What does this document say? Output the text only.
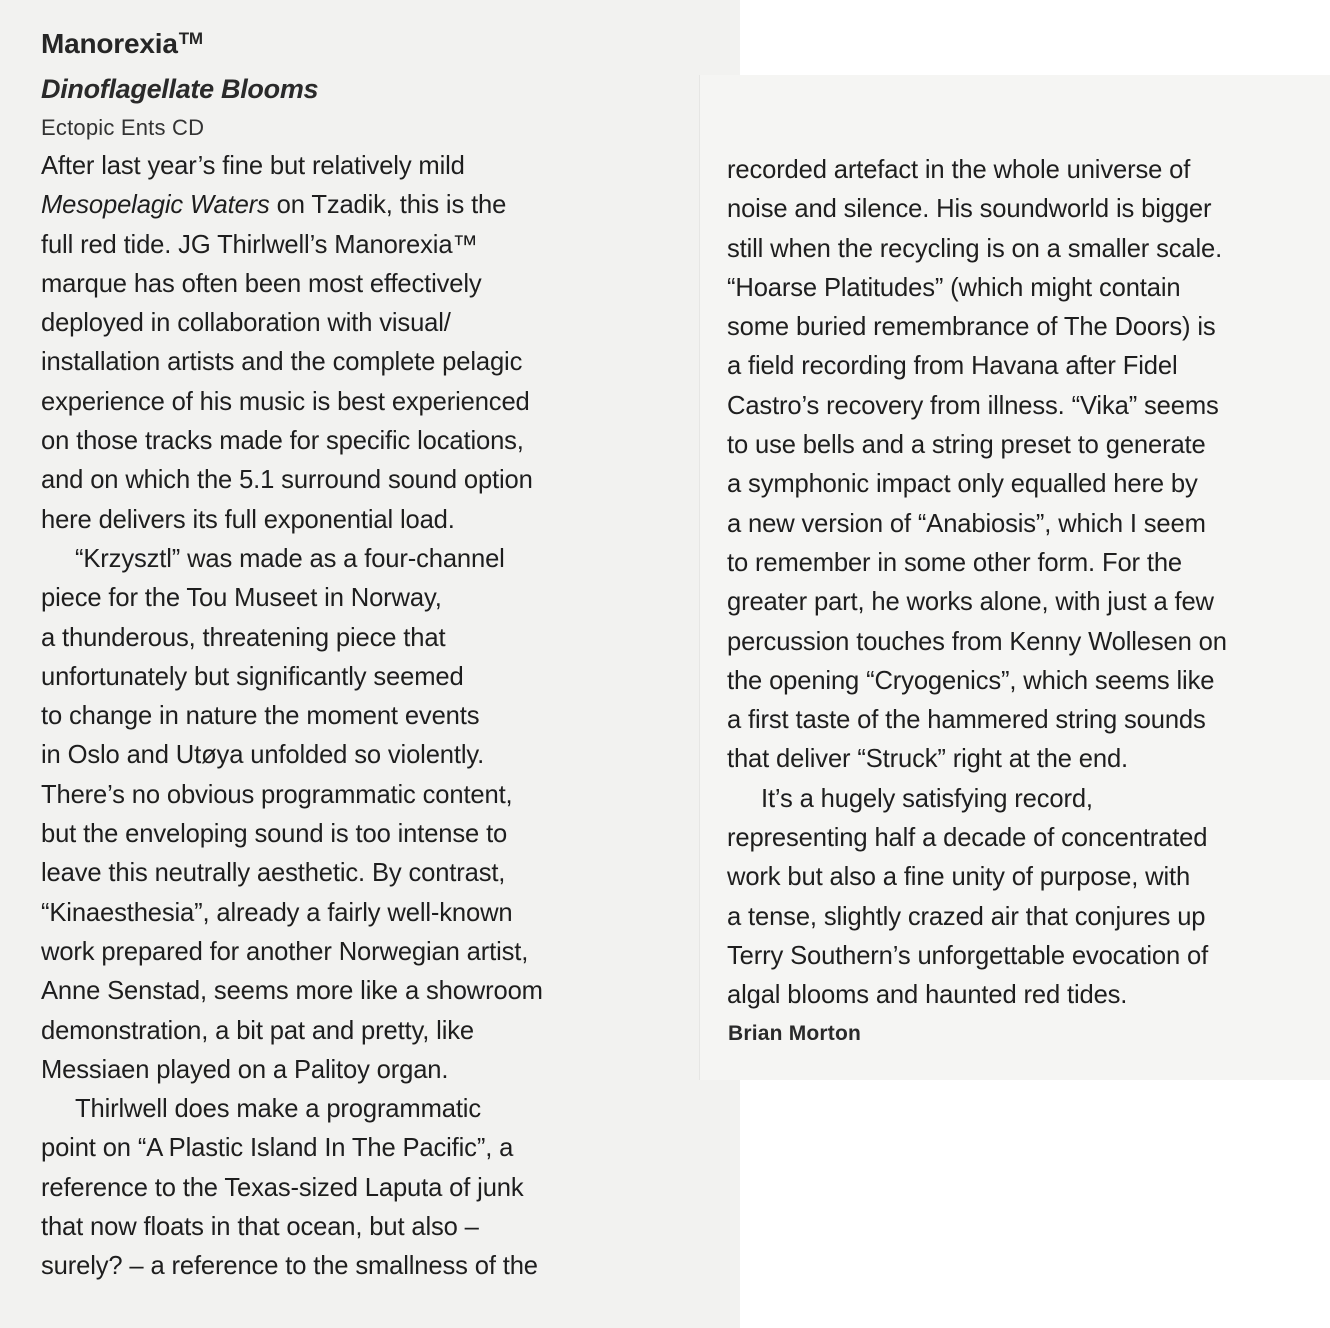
Manorexia™
Dinoflagellate Blooms
Ectopic Ents CD
After last year’s fine but relatively mild
Mesopelagic Waters on Tzadik, this is the
full red tide. JG Thirlwell’s Manorexia™
marque has often been most effectively
deployed in collaboration with visual/
installation artists and the complete pelagic
experience of his music is best experienced
on those tracks made for specific locations,
and on which the 5.1 surround sound option
here delivers its full exponential load.
“Krzysztl” was made as a four-channel
piece for the Tou Museet in Norway,
a thunderous, threatening piece that
unfortunately but significantly seemed
to change in nature the moment events
in Oslo and Utøya unfolded so violently.
There’s no obvious programmatic content,
but the enveloping sound is too intense to
leave this neutrally aesthetic. By contrast,
“Kinaesthesia”, already a fairly well-known
work prepared for another Norwegian artist,
Anne Senstad, seems more like a showroom
demonstration, a bit pat and pretty, like
Messiaen played on a Palitoy organ.
Thirlwell does make a programmatic
point on “A Plastic Island In The Pacific”, a
reference to the Texas-sized Laputa of junk
that now floats in that ocean, but also –
surely? – a reference to the smallness of the
recorded artefact in the whole universe of
noise and silence. His soundworld is bigger
still when the recycling is on a smaller scale.
“Hoarse Platitudes” (which might contain
some buried remembrance of The Doors) is
a field recording from Havana after Fidel
Castro’s recovery from illness. “Vika” seems
to use bells and a string preset to generate
a symphonic impact only equalled here by
a new version of “Anabiosis”, which I seem
to remember in some other form. For the
greater part, he works alone, with just a few
percussion touches from Kenny Wollesen on
the opening “Cryogenics”, which seems like
a first taste of the hammered string sounds
that deliver “Struck” right at the end.
It’s a hugely satisfying record,
representing half a decade of concentrated
work but also a fine unity of purpose, with
a tense, slightly crazed air that conjures up
Terry Southern’s unforgettable evocation of
algal blooms and haunted red tides.
Brian Morton
